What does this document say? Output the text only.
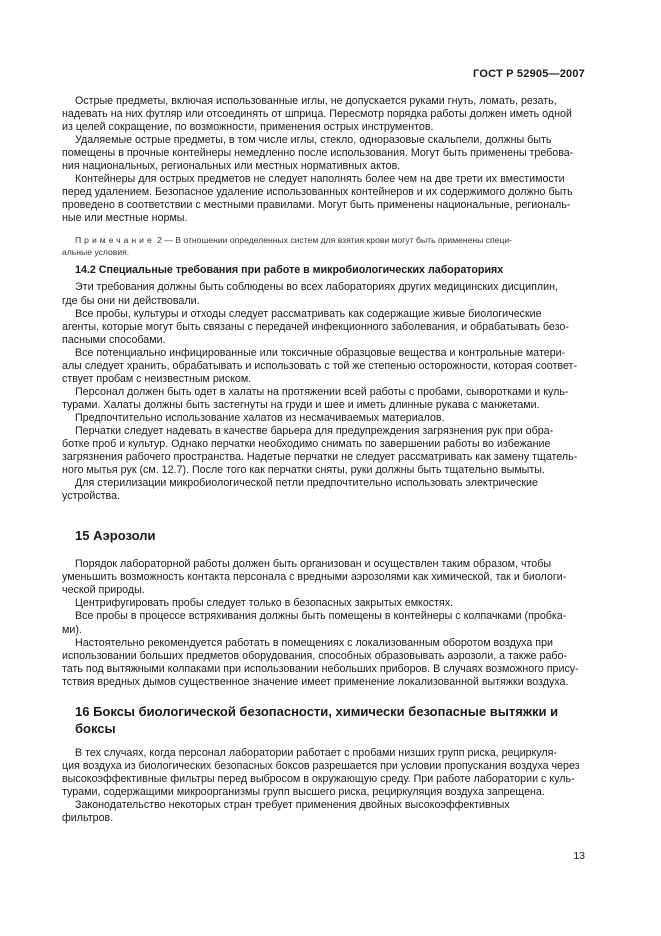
ГОСТ Р 52905—2007

Острые предметы, включая использованные иглы, не допускается руками гнуть, ломать, резать,
надевать на них футляр или отсоединять от шприца. Пересмотр порядка работы должен иметь одной
из целей сокращение, по возможности, применения острых инструментов.

Удаляемые острые предметы, в том числе иглы, стекло, одноразовые скальпели, должны быть
помещены в прочные контейнеры немедленно после использования. Могут быть применены требова-
ния национальных, региональных или местных нормативных актов.

Контейнеры для острых предметов не следует наполнять более чем на две трети их вместимости
перед удалением. Безопасное удаление использованных контейнеров и их содержимого должно быть
проведено в соответствии с местными правилами. Могут быть применены национальные, региональ-
ные или местные нормы.

Примечание 2 — В отношении определенных систем для взятия крови могут быть применены специ-
альные условия.

14.2 Специальные требования при работе в микробиологических лабораториях

Эти требования должны быть соблюдены во всех лабораториях других медицинских дисциплин,
где бы они ни действовали.

Все пробы, культуры и отходы следует рассматривать как содержащие живые биологические
агенты, которые могут быть связаны с передачей инфекционного заболевания, и обрабатывать безо-
пасными способами.

Все потенциально инфицированные или токсичные образцовые вещества и контрольные матери-
алы следует хранить, обрабатывать и использовать с той же степенью осторожности, которая соответ-
ствует пробам с неизвестным риском.

Персонал должен быть одет в халаты на протяжении всей работы с пробами, сыворотками и куль-
турами. Халаты должны быть застегнуты на груди и шее и иметь длинные рукава с манжетами.

Предпочтительно использование халатов из несмачиваемых материалов.

Перчатки следует надевать в качестве барьера для предупреждения загрязнения рук при обра-
ботке проб и культур. Однако перчатки необходимо снимать по завершении работы во избежание
загрязнения рабочего пространства. Надетые перчатки не следует рассматривать как замену тщатель-
ного мытья рук (см. 12.7). После того как перчатки сняты, руки должны быть тщательно вымыты.

Для стерилизации микробиологической петли предпочтительно использовать электрические
устройства.

15 Аэрозоли

Порядок лабораторной работы должен быть организован и осуществлен таким образом, чтобы
уменьшить возможность контакта персонала с вредными аэрозолями как химической, так и биологи-
ческой природы.

Центрифугировать пробы следует только в безопасных закрытых емкостях.

Все пробы в процессе встряхивания должны быть помещены в контейнеры с колпачками (пробка-
ми).

Настоятельно рекомендуется работать в помещениях с локализованным оборотом воздуха при
использовании больших предметов оборудования, способных образовывать аэрозоли, а также рабо-
тать под вытяжными колпаками при использовании небольших приборов. В случаях возможного прису-
тствия вредных дымов существенное значение имеет применение локализованной вытяжки воздуха.

16 Боксы биологической безопасности, химически безопасные вытяжки и
боксы

В тех случаях, когда персонал лаборатории работает с пробами низших групп риска, рециркуля-
ция воздуха из биологических безопасных боксов разрешается при условии пропускания воздуха через
высокоэффективные фильтры перед выбросом в окружающую среду. При работе лаборатории с куль-
турами, содержащими микроорганизмы групп высшего риска, рециркуляция воздуха запрещена.

Законодательство некоторых стран требует применения двойных высокоэффективных
фильтров.

13
